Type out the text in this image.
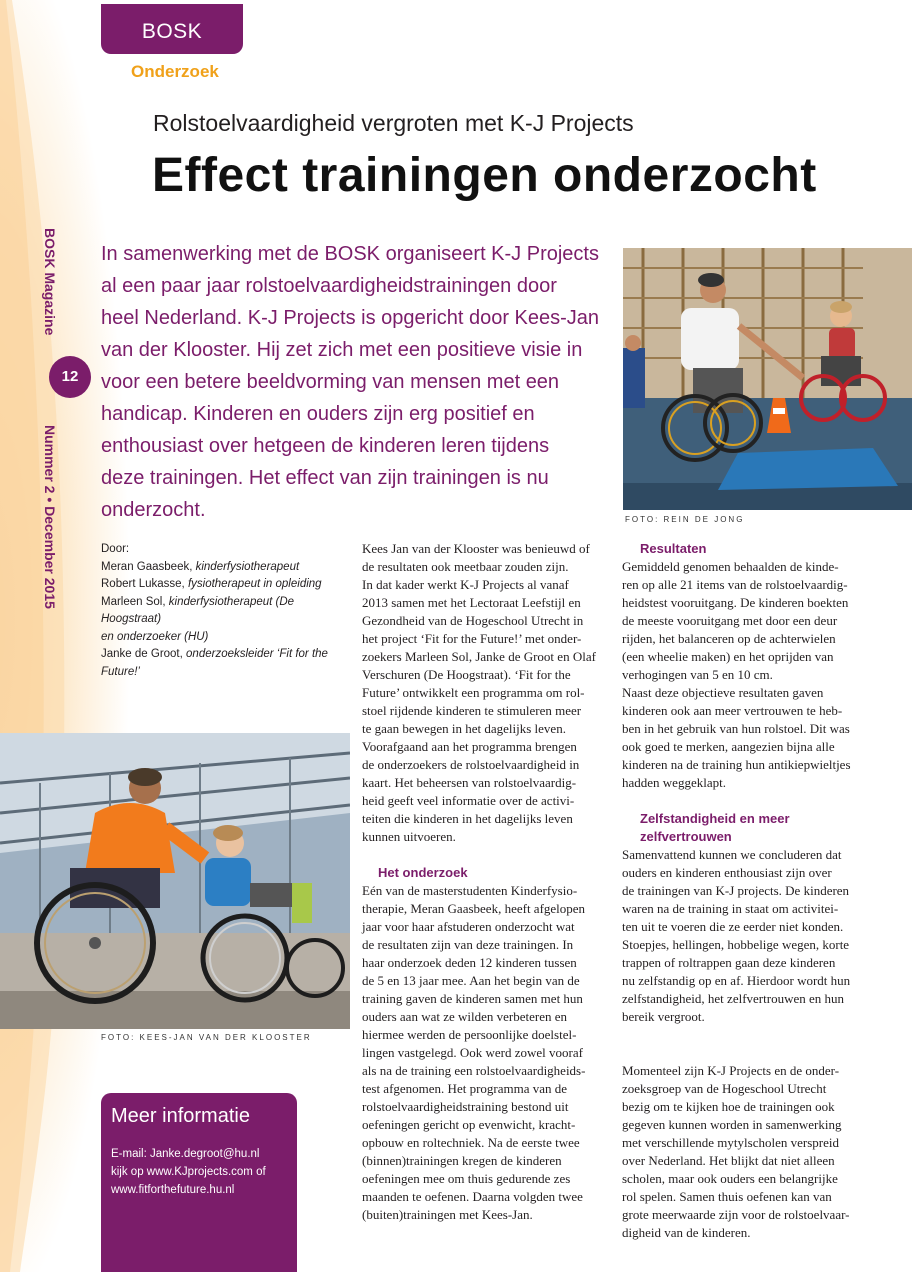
BOSK
Onderzoek
Rolstoelvaardigheid vergroten met K-J Projects
Effect trainingen onderzocht
BOSK Magazine
12
Nummer 2 • December 2015
In samenwerking met de BOSK organiseert K-J Projects
al een paar jaar rolstoelvaardigheidstrainingen door
heel Nederland. K-J Projects is opgericht door Kees-Jan
van der Klooster. Hij zet zich met een positieve visie in
voor een betere beeldvorming van mensen met een
handicap. Kinderen en ouders zijn erg positief en
enthousiast over hetgeen de kinderen leren tijdens
deze trainingen. Het effect van zijn trainingen is nu
onderzocht.	FOTO: REIN DE JONG
FOTO: KEES-JAN VAN DER KLOOSTER
Door:
Meran Gaasbeek, kinderfysiotherapeut
Robert Lukasse, fysiotherapeut in opleiding
Marleen Sol, kinderfysiotherapeut (De Hoogstraat)
en onderzoeker (HU)
Janke de Groot, onderzoeksleider ‘Fit for the Future!’

Kees Jan van der Klooster was benieuwd of

de resultaten ook meetbaar zouden zijn.

In dat kader werkt K-J Projects al vanaf

2013 samen met het Lectoraat Leefstijl en

Gezondheid van de Hogeschool Utrecht in

het project ‘Fit for the Future!’ met onder-

zoekers Marleen Sol, Janke de Groot en Olaf

Verschuren (De Hoogstraat). ‘Fit for the

Future’ ontwikkelt een programma om rol-

stoel rijdende kinderen te stimuleren meer

te gaan bewegen in het dagelijks leven.

Voorafgaand aan het programma brengen

de onderzoekers de rolstoelvaardigheid in

kaart. Het beheersen van rolstoelvaardig-

heid geeft veel informatie over de activi-

teiten die kinderen in het dagelijks leven

kunnen uitvoeren.

Het onderzoek

Eén van de masterstudenten Kinderfysio-

therapie, Meran Gaasbeek, heeft afgelopen

jaar voor haar afstuderen onderzocht wat

de resultaten zijn van deze trainingen. In

haar onderzoek deden 12 kinderen tussen

de 5 en 13 jaar mee. Aan het begin van de

training gaven de kinderen samen met hun

ouders aan wat ze wilden verbeteren en

hiermee werden de persoonlijke doelstel-

lingen vastgelegd. Ook werd zowel vooraf

als na de training een rolstoelvaardigheids-

test afgenomen. Het programma van de

rolstoelvaardigheidstraining bestond uit

oefeningen gericht op evenwicht, kracht-

opbouw en roltechniek. Na de eerste twee

(binnen)trainingen kregen de kinderen

oefeningen mee om thuis gedurende zes

maanden te oefenen. Daarna volgden twee

(buiten)trainingen met Kees-Jan.

Resultaten

Gemiddeld genomen behaalden de kinde-

ren op alle 21 items van de rolstoelvaardig-

heidstest vooruitgang. De kinderen boekten

de meeste vooruitgang met door een deur

rijden, het balanceren op de achterwielen

(een wheelie maken) en het oprijden van

verhogingen van 5 en 10 cm.

Naast deze objectieve resultaten gaven

kinderen ook aan meer vertrouwen te heb-

ben in het gebruik van hun rolstoel. Dit was

ook goed te merken, aangezien bijna alle

kinderen na de training hun antikiepwieltjes

hadden weggeklapt.

Zelfstandigheid en meer
zelfvertrouwen

Samenvattend kunnen we concluderen dat

ouders en kinderen enthousiast zijn over

de trainingen van K-J projects. De kinderen

waren na de training in staat om activitei-

ten uit te voeren die ze eerder niet konden.

Stoepjes, hellingen, hobbelige wegen, korte

trappen of roltrappen gaan deze kinderen

nu zelfstandig op en af. Hierdoor wordt hun

zelfstandigheid, het zelfvertrouwen en hun

bereik vergroot.

Momenteel zijn K-J Projects en de onder-

zoeksgroep van de Hogeschool Utrecht

bezig om te kijken hoe de trainingen ook

gegeven kunnen worden in samenwerking

met verschillende mytylscholen verspreid

over Nederland. Het blijkt dat niet alleen

scholen, maar ook ouders een belangrijke

rol spelen. Samen thuis oefenen kan van

grote meerwaarde zijn voor de rolstoelvaar-

digheid van de kinderen.

Meer informatie
E-mail: Janke.degroot@hu.nl
kijk op www.KJprojects.com of
www.fitforthefuture.hu.nl
